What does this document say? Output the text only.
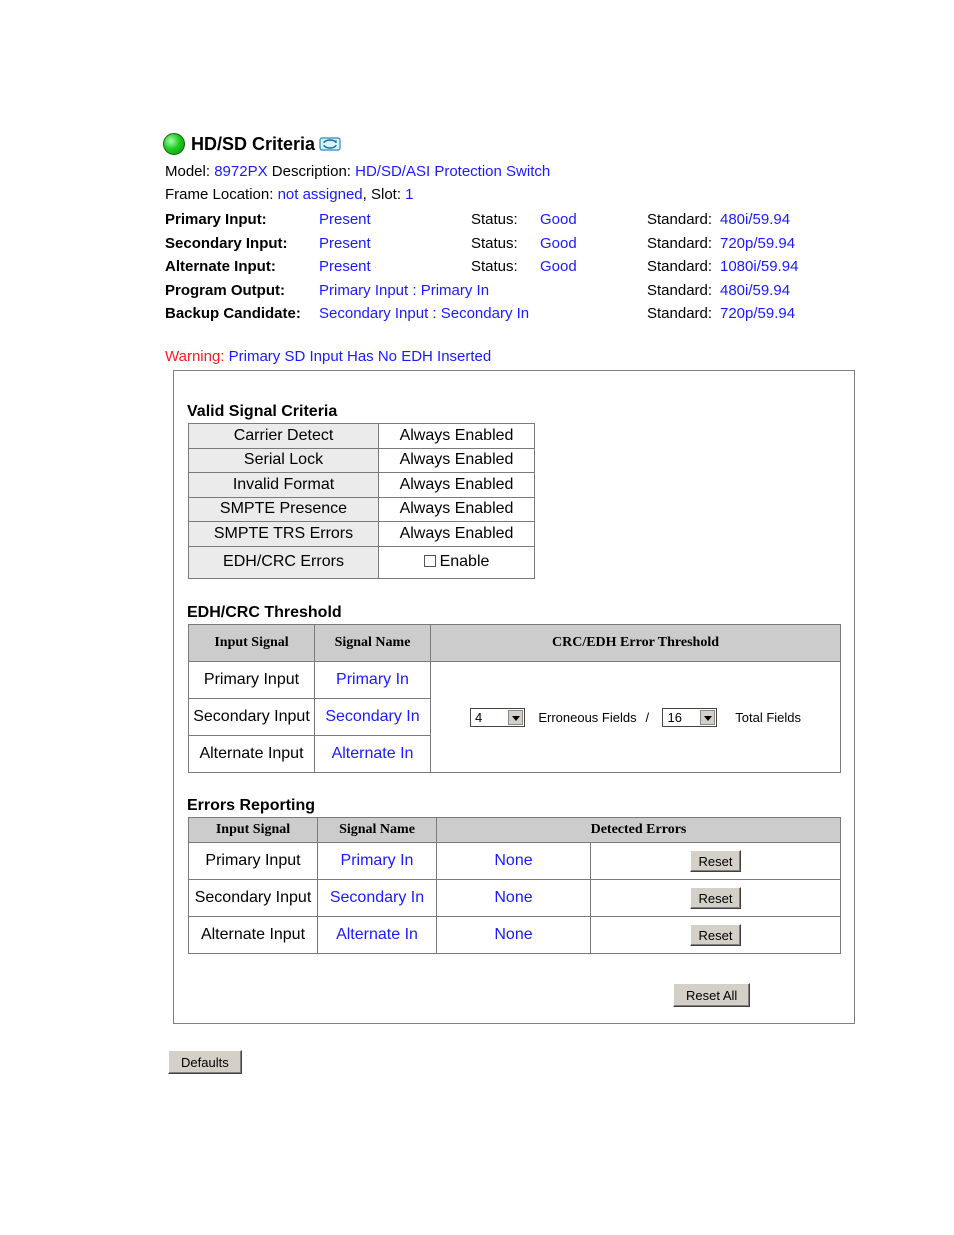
HD/SD Criteria
Model: 8972PX Description: HD/SD/ASI Protection Switch
Frame Location: not assigned, Slot: 1
Primary Input:	Present	Status: Good	Standard: 480i/59.94
Secondary Input: Present	Status: Good	Standard: 720p/59.94
Alternate Input:	Present	Status: Good	Standard: 1080i/59.94
Program Output: Primary Input : Primary In	Standard: 480i/59.94
Backup Candidate: Secondary Input : Secondary In	Standard: 720p/59.94
Warning: Primary SD Input Has No EDH Inserted
Valid Signal Criteria
Carrier Detect	Always Enabled
Serial Lock	Always Enabled
Invalid Format	Always Enabled
SMPTE Presence	Always Enabled
SMPTE TRS Errors	Always Enabled
EDH/CRC Errors	Enable
EDH/CRC Threshold
Input Signal	Signal Name	CRC/EDH Error Threshold
Primary Input	Primary In	4 Erroneous Fields / 16 Total Fields
Secondary Input	Secondary In	
Alternate Input	Alternate In	
Errors Reporting
Input Signal	Signal Name	Detected Errors	
Primary Input	Primary In	None	Reset
Secondary Input	Secondary In	None	Reset
Alternate Input	Alternate In	None	Reset
Reset All
Defaults
